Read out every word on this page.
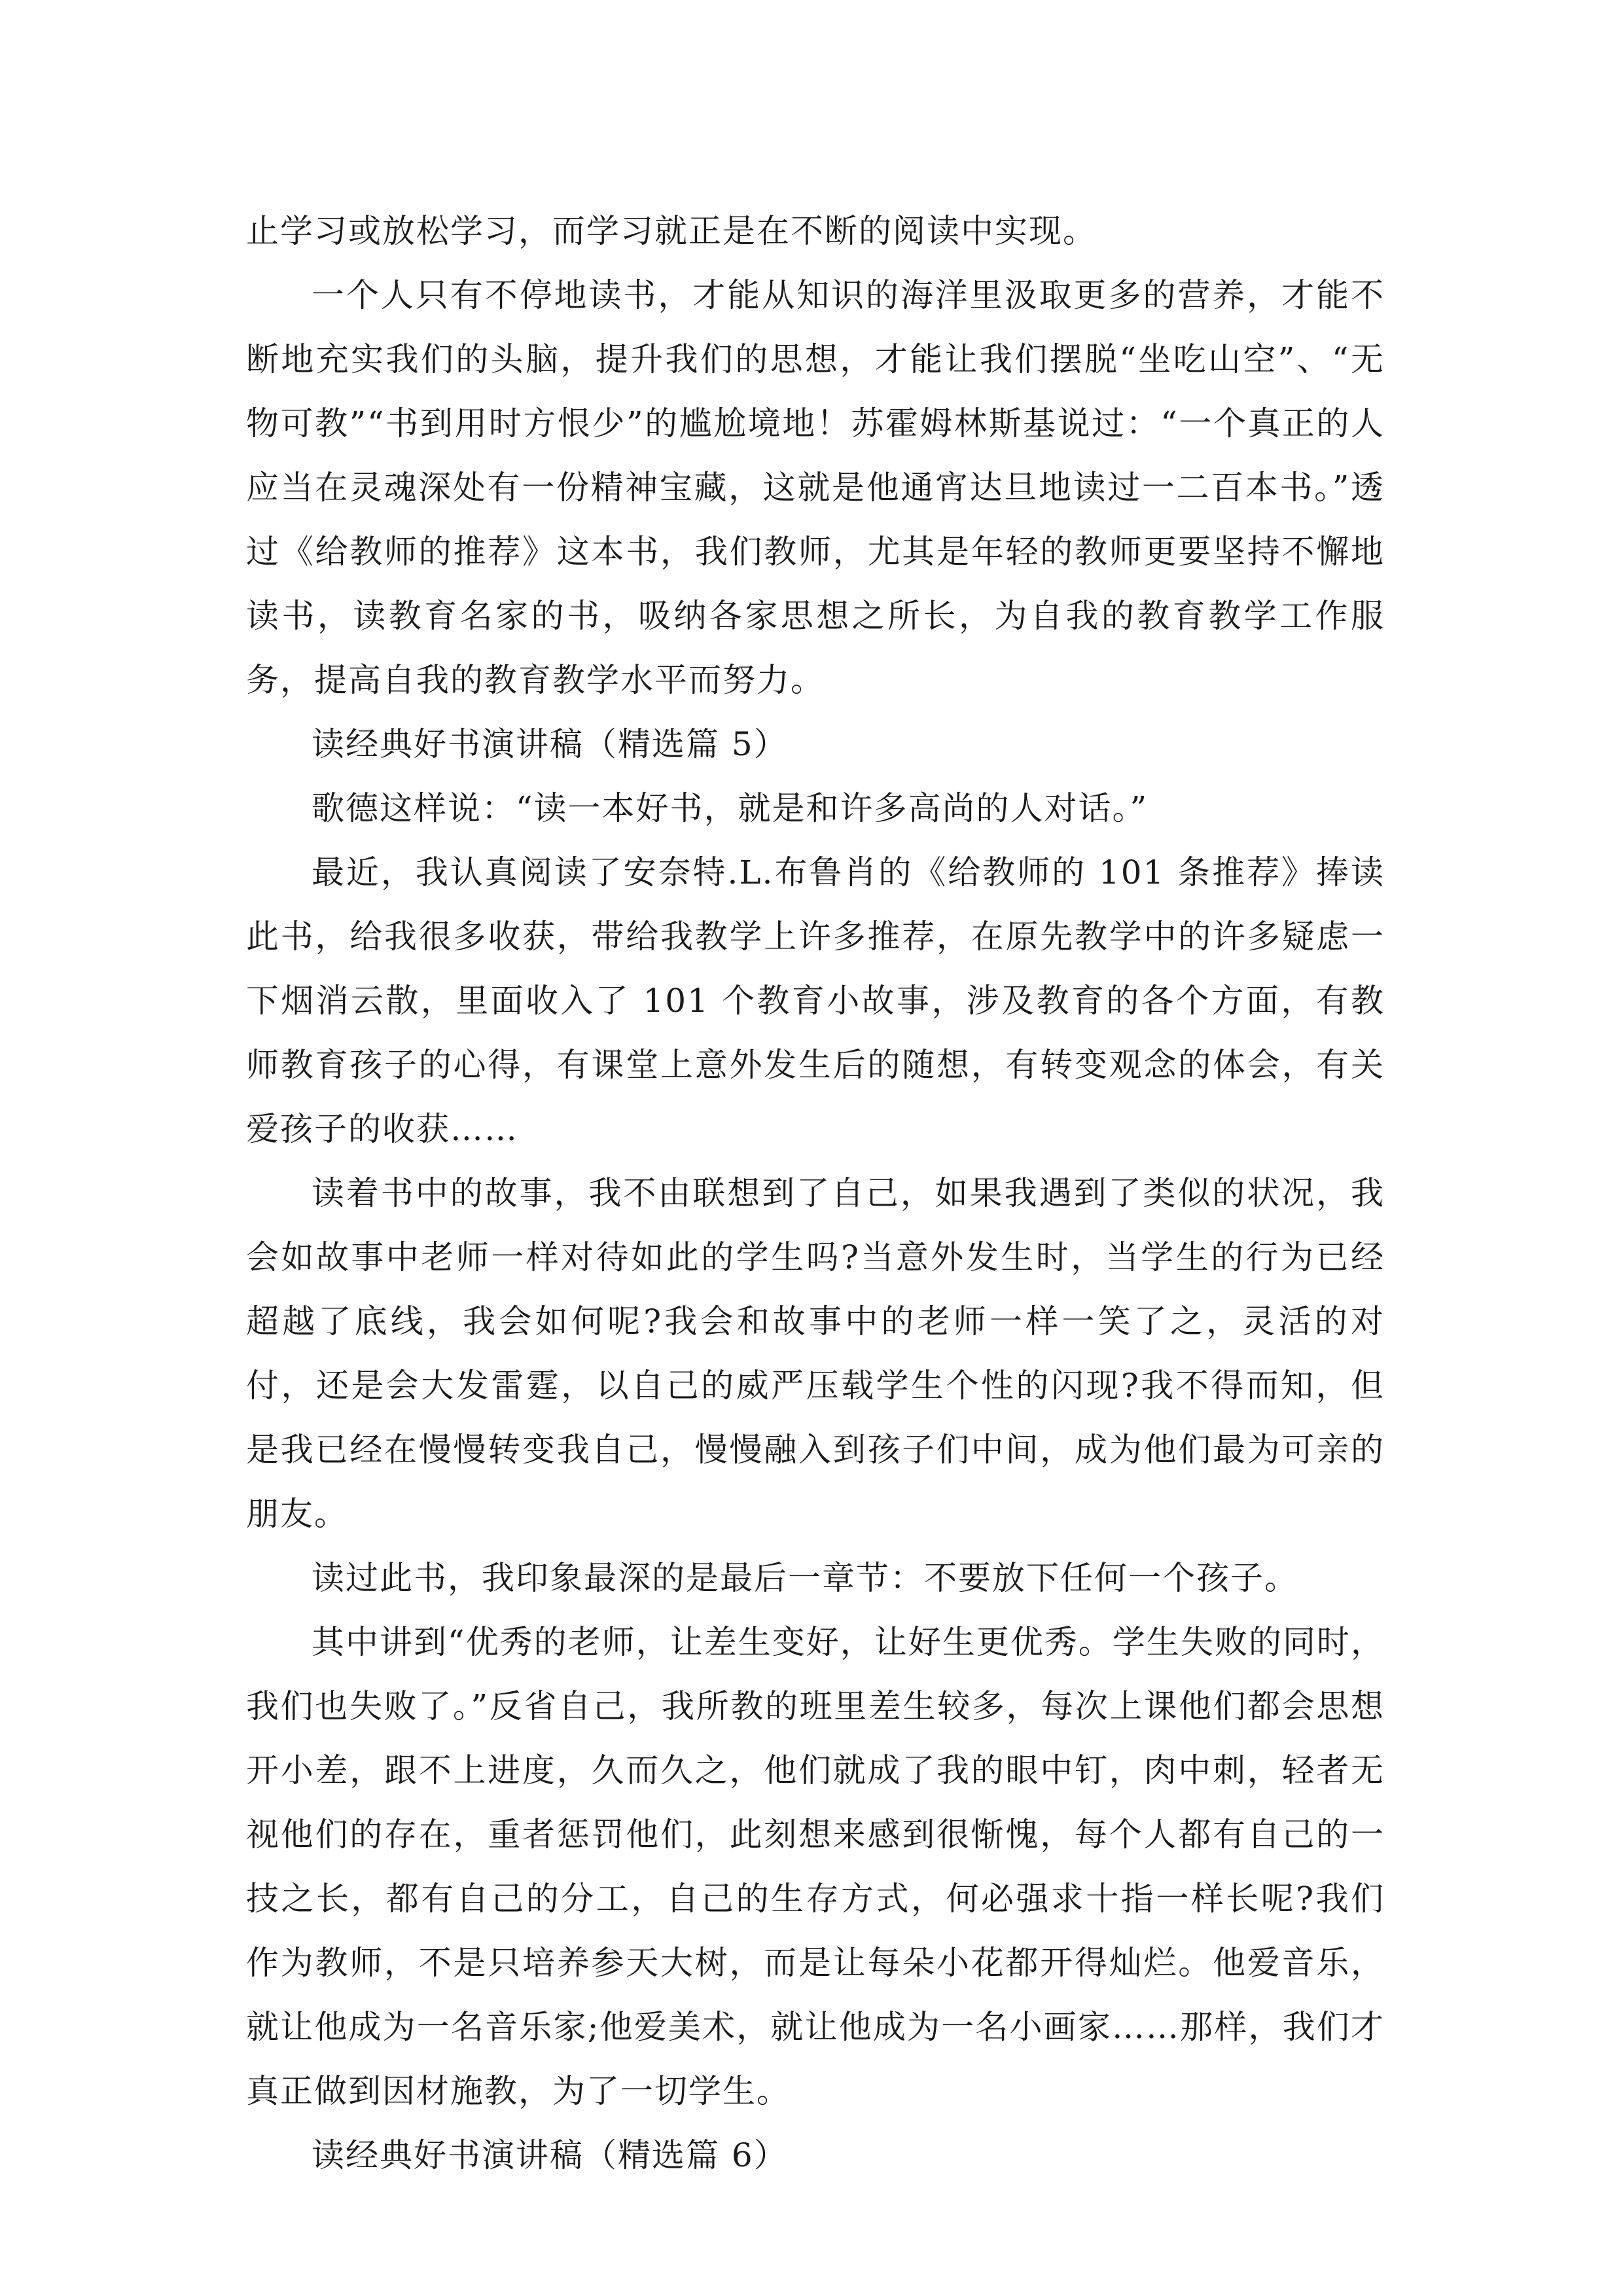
止学习或放松学习，而学习就正是在不断的阅读中实现。

一个人只有不停地读书，才能从知识的海洋里汲取更多的营养，才能不断地充实我们的头脑，提升我们的思想，才能让我们摆脱“坐吃山空”、“无物可教”“书到用时方恨少”的尴尬境地！苏霍姆林斯基说过：“一个真正的人应当在灵魂深处有一份精神宝藏，这就是他通宵达旦地读过一二百本书。”透过《给教师的推荐》这本书，我们教师，尤其是年轻的教师更要坚持不懈地读书，读教育名家的书，吸纳各家思想之所长，为自我的教育教学工作服务，提高自我的教育教学水平而努力。

读经典好书演讲稿（精选篇 5）

歌德这样说：“读一本好书，就是和许多高尚的人对话。”

最近，我认真阅读了安奈特.L.布鲁肖的《给教师的 101 条推荐》捧读此书，给我很多收获，带给我教学上许多推荐，在原先教学中的许多疑虑一下烟消云散，里面收入了 101 个教育小故事，涉及教育的各个方面，有教师教育孩子的心得，有课堂上意外发生后的随想，有转变观念的体会，有关爱孩子的收获……

读着书中的故事，我不由联想到了自己，如果我遇到了类似的状况，我会如故事中老师一样对待如此的学生吗?当意外发生时，当学生的行为已经超越了底线，我会如何呢?我会和故事中的老师一样一笑了之，灵活的对付，还是会大发雷霆，以自己的威严压载学生个性的闪现?我不得而知，但是我已经在慢慢转变我自己，慢慢融入到孩子们中间，成为他们最为可亲的朋友。

读过此书，我印象最深的是最后一章节：不要放下任何一个孩子。

其中讲到“优秀的老师，让差生变好，让好生更优秀。学生失败的同时，我们也失败了。”反省自己，我所教的班里差生较多，每次上课他们都会思想开小差，跟不上进度，久而久之，他们就成了我的眼中钉，肉中刺，轻者无视他们的存在，重者惩罚他们，此刻想来感到很惭愧，每个人都有自己的一技之长，都有自己的分工，自己的生存方式，何必强求十指一样长呢?我们作为教师，不是只培养参天大树，而是让每朵小花都开得灿烂。他爱音乐，就让他成为一名音乐家;他爱美术，就让他成为一名小画家……那样，我们才真正做到因材施教，为了一切学生。

读经典好书演讲稿（精选篇 6）
